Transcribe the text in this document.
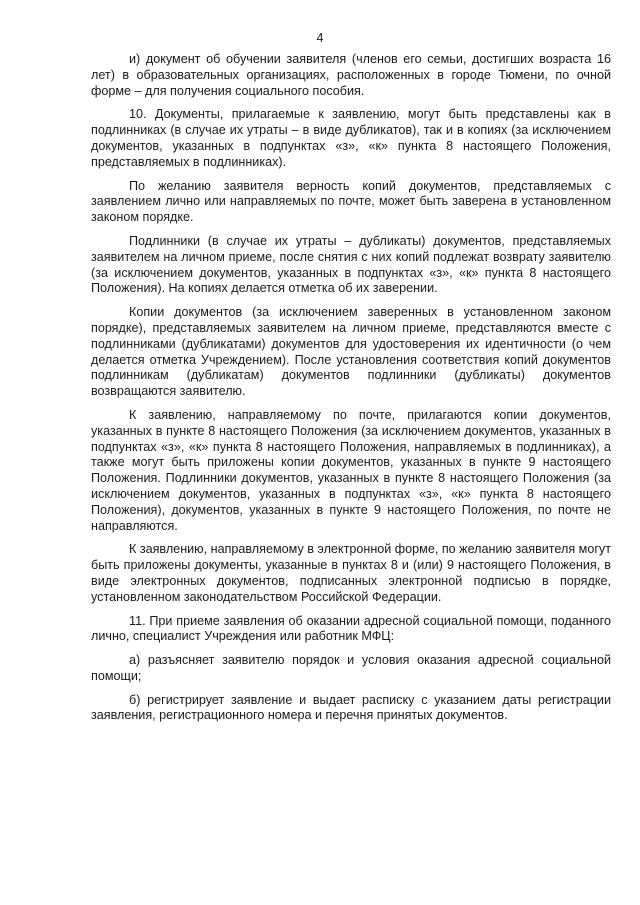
4

и) документ об обучении заявителя (членов его семьи, достигших возраста 16 лет) в образовательных организациях, расположенных в городе Тюмени, по очной форме – для получения социального пособия.

10. Документы, прилагаемые к заявлению, могут быть представлены как в подлинниках (в случае их утраты – в виде дубликатов), так и в копиях (за исключением документов, указанных в подпунктах «з», «к» пункта 8 настоящего Положения, представляемых в подлинниках).

По желанию заявителя верность копий документов, представляемых с заявлением лично или направляемых по почте, может быть заверена в установленном законом порядке.

Подлинники (в случае их утраты – дубликаты) документов, представляемых заявителем на личном приеме, после снятия с них копий подлежат возврату заявителю (за исключением документов, указанных в подпунктах «з», «к» пункта 8 настоящего Положения). На копиях делается отметка об их заверении.

Копии документов (за исключением заверенных в установленном законом порядке), представляемых заявителем на личном приеме, представляются вместе с подлинниками (дубликатами) документов для удостоверения их идентичности (о чем делается отметка Учреждением). После установления соответствия копий документов подлинникам (дубликатам) документов подлинники (дубликаты) документов возвращаются заявителю.

К заявлению, направляемому по почте, прилагаются копии документов, указанных в пункте 8 настоящего Положения (за исключением документов, указанных в подпунктах «з», «к» пункта 8 настоящего Положения, направляемых в подлинниках), а также могут быть приложены копии документов, указанных в пункте 9 настоящего Положения. Подлинники документов, указанных в пункте 8 настоящего Положения (за исключением документов, указанных в подпунктах «з», «к» пункта 8 настоящего Положения), документов, указанных в пункте 9 настоящего Положения, по почте не направляются.

К заявлению, направляемому в электронной форме, по желанию заявителя могут быть приложены документы, указанные в пунктах 8 и (или) 9 настоящего Положения, в виде электронных документов, подписанных электронной подписью в порядке, установленном законодательством Российской Федерации.

11. При приеме заявления об оказании адресной социальной помощи, поданного лично, специалист Учреждения или работник МФЦ:

а) разъясняет заявителю порядок и условия оказания адресной социальной помощи;

б) регистрирует заявление и выдает расписку с указанием даты регистрации заявления, регистрационного номера и перечня принятых документов.
